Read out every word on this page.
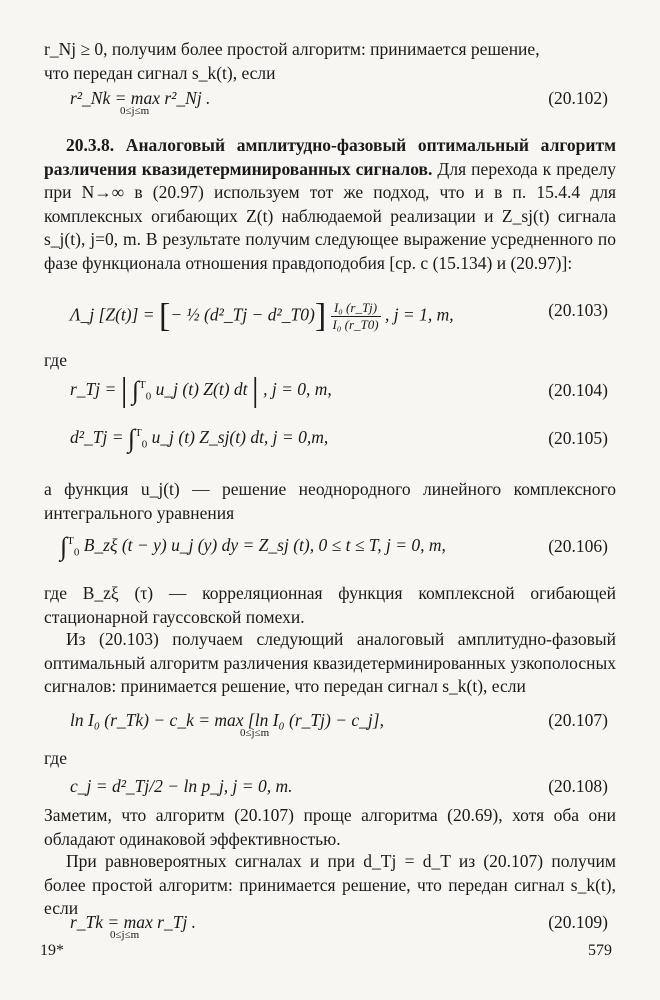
r_Nj ≥ 0, получим более простой алгоритм: принимается решение,
что передан сигнал s_k(t), если

r²_Nk = max r²_Nj .
0≤j≤m
(20.102)

20.3.8. Аналоговый амплитудно-фазовый оптимальный алгоритм различения квазидетерминированных сигналов. Для перехода к пределу при N→∞ в (20.97) используем тот же подход, что и в п. 15.4.4 для комплексных огибающих Z(t) наблюдаемой реализации и Z_sj(t) сигнала s_j(t), j=0, m. В результате получим следующее выражение усредненного по фазе функционала отношения правдоподобия [ср. с (15.134) и (20.97)]:

Λ_j [Z(t)] = [− ½ (d²_Tj − d²_T0)] $\frac{\text{I₀ (r\_Tj)}}{\text{I₀ (r\_T0)}}$ , j = 1, m,	(20.103)
где
r_Tj = | ∫$^T_0$ u_j (t) Z(t) dt | , j = 0, m,	(20.104)
d²_Tj = ∫$^T_0$ u_j (t) Z_sj(t) dt, j = 0,m,	(20.105)

а функция u_j(t) — решение неоднородного линейного комплексного интегрального уравнения

∫$^T_0$ B_zξ (t − y) u_j (y) dy = Z_sj (t), 0 ≤ t ≤ T, j = 0, m,	(20.106)

где B_zξ (τ) — корреляционная функция комплексной огибающей стационарной гауссовской помехи.

Из (20.103) получаем следующий аналоговый амплитудно-фазовый оптимальный алгоритм различения квазидетерминированных узкополосных сигналов: принимается решение, что передан сигнал s_k(t), если

ln I₀ (r_Tk) − c_k = max [ln I₀ (r_Tj) − c_j],
0≤j≤m
(20.107)
где
c_j = d²_Tj/2 − ln p_j, j = 0, m.	(20.108)

Заметим, что алгоритм (20.107) проще алгоритма (20.69), хотя оба они обладают одинаковой эффективностью.

При равновероятных сигналах и при d_Tj = d_T из (20.107) получим более простой алгоритм: принимается решение, что передан сигнал s_k(t), если

r_Tk = max r_Tj .
0≤j≤m
(20.109)
19*	579
